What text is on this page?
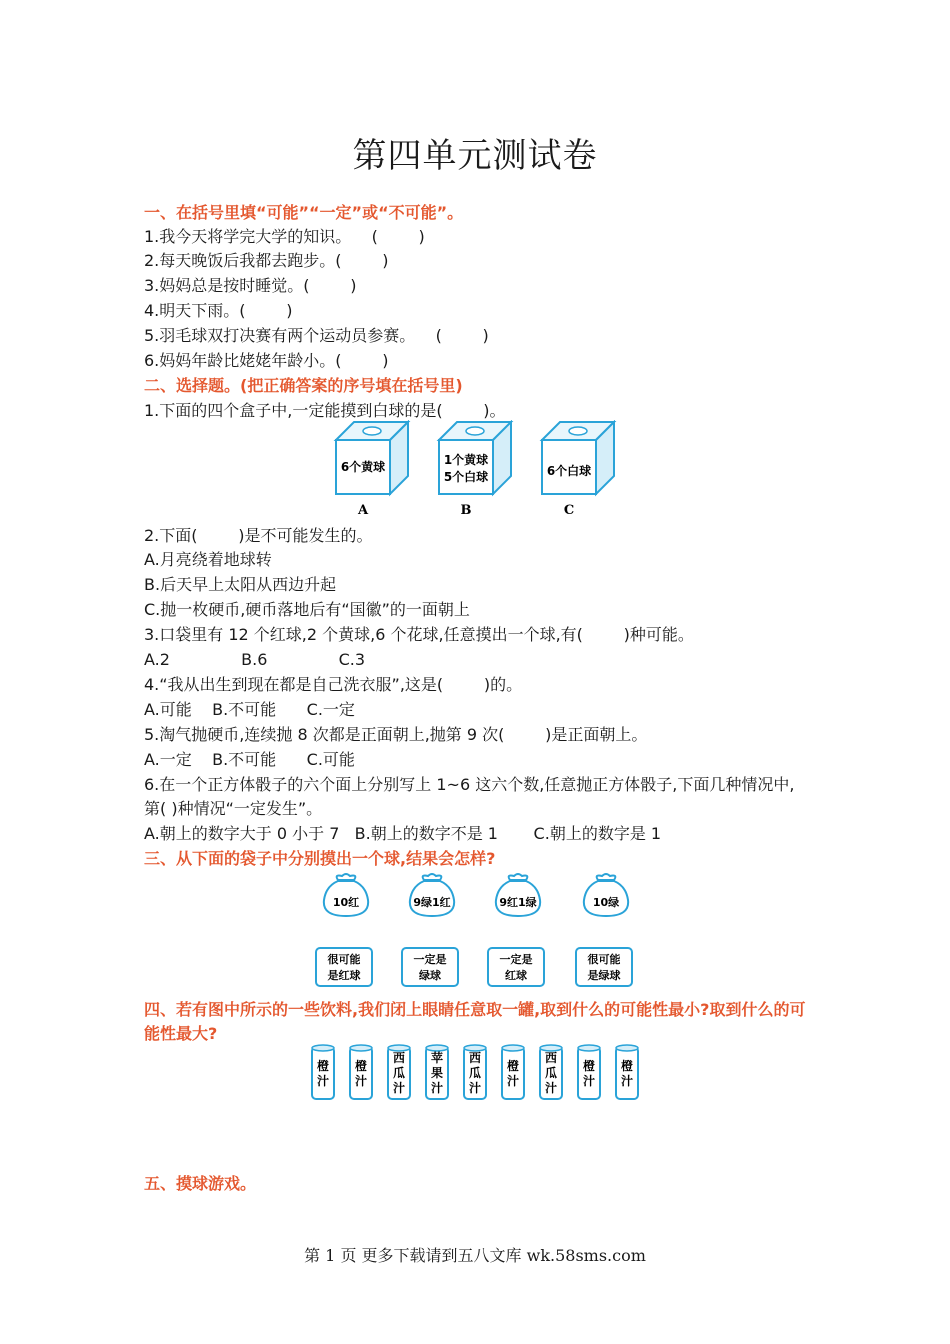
第四单元测试卷
一、在括号里填“可能”“一定”或“不可能”。
1.我今天将学完大学的知识。    (        )
2.每天晚饭后我都去跑步。(        )
3.妈妈总是按时睡觉。(        )
4.明天下雨。(        )
5.羽毛球双打决赛有两个运动员参赛。    (        )
6.妈妈年龄比姥姥年龄小。(        )
二、选择题。(把正确答案的序号填在括号里)
1.下面的四个盒子中,一定能摸到白球的是(        )。
6个黄球
A
1个黄球
5个白球
B
6个白球
C
2.下面(        )是不可能发生的。
A.月亮绕着地球转
B.后天早上太阳从西边升起
C.抛一枚硬币,硬币落地后有“国徽”的一面朝上
3.口袋里有 12 个红球,2 个黄球,6 个花球,任意摸出一个球,有(        )种可能。
A.2              B.6              C.3
4.“我从出生到现在都是自己洗衣服”,这是(        )的。
A.可能    B.不可能      C.一定
5.淘气抛硬币,连续抛 8 次都是正面朝上,抛第 9 次(        )是正面朝上。
A.一定    B.不可能      C.可能
6.在一个正方体骰子的六个面上分别写上 1~6 这六个数,任意抛正方体骰子,下面几种情况中,第( )种情况“一定发生”。
A.朝上的数字大于 0 小于 7   B.朝上的数字不是 1       C.朝上的数字是 1
三、从下面的袋子中分别摸出一个球,结果会怎样?
10红	9绿1红	9红1绿	10绿
很可能
是红球
一定是
绿球
一定是
红球
很可能
是绿球
四、若有图中所示的一些饮料,我们闭上眼睛任意取一罐,取到什么的可能性最小?取到什么的可能性最大?
橙
汁
橙
汁
西
瓜
汁
苹
果
汁
西
瓜
汁
橙
汁
西
瓜
汁
橙
汁
橙
汁
五、摸球游戏。
第 1 页 更多下载请到五八文库 wk.58sms.com
